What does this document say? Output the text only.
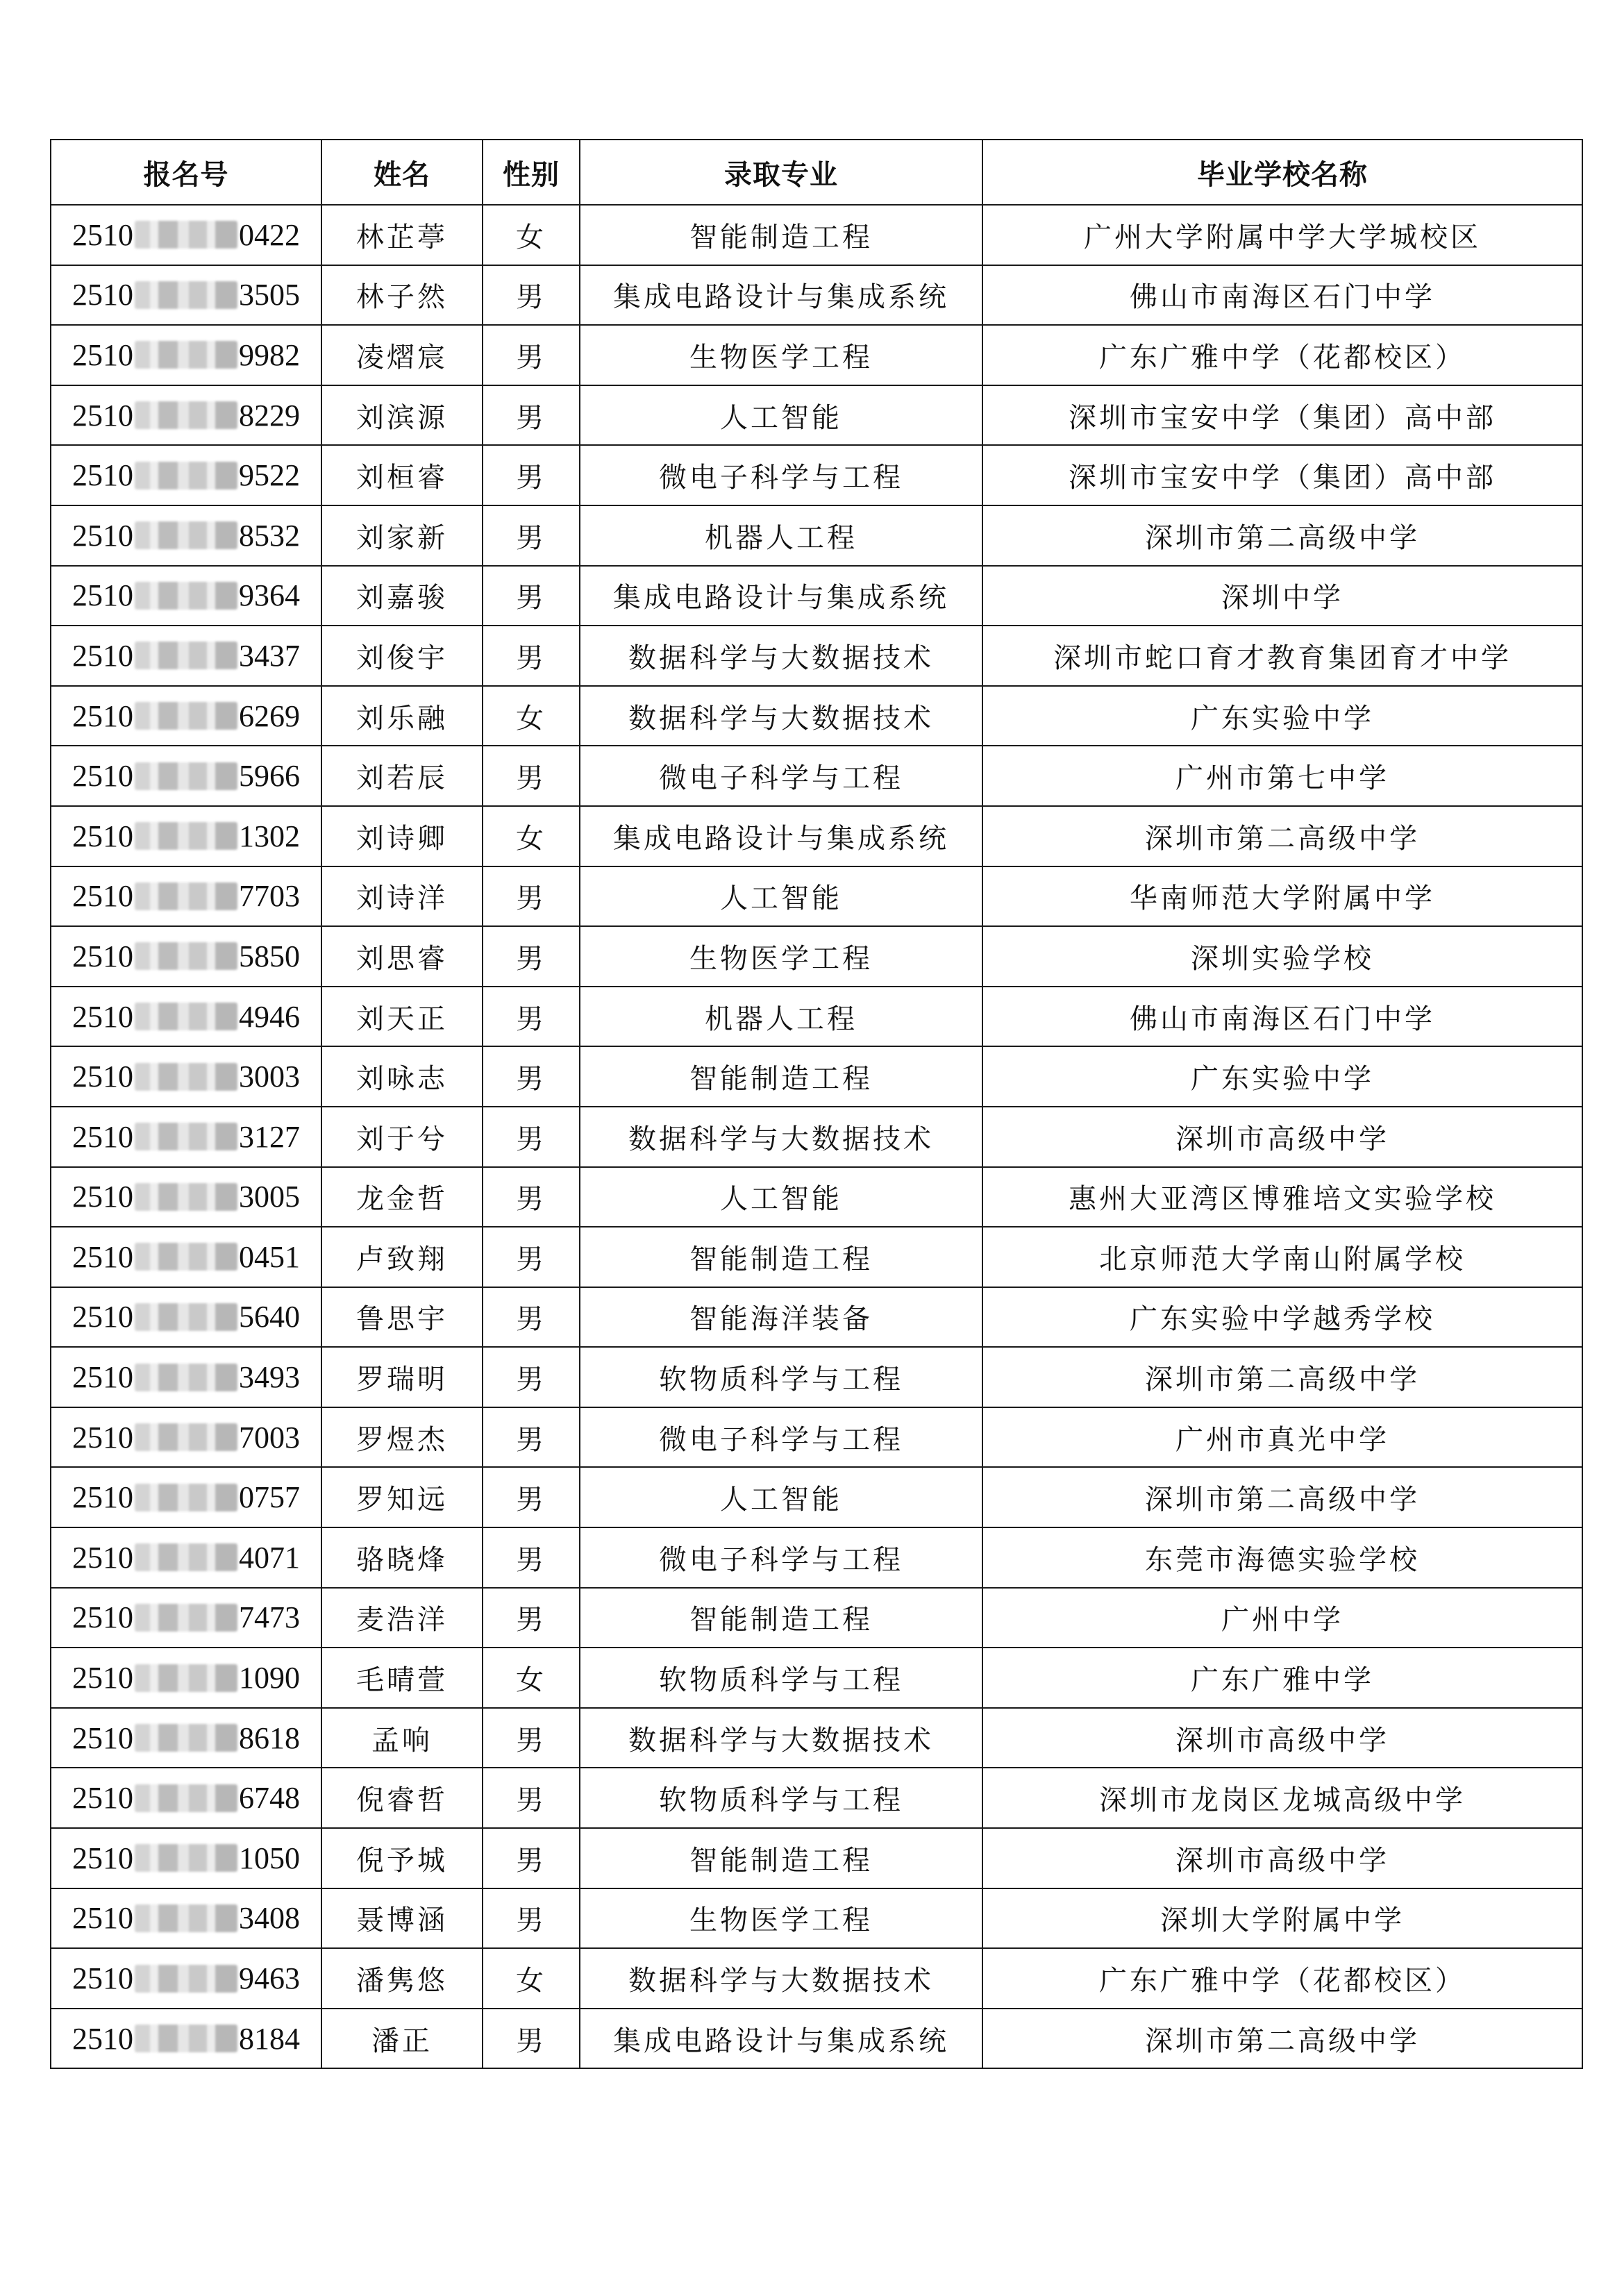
报名号	姓名	性别	录取专业	毕业学校名称

2510 0422	林芷葶	女	智能制造工程	广州大学附属中学大学城校区

2510 3505	林子然	男	集成电路设计与集成系统	佛山市南海区石门中学

2510 9982	凌熠宸	男	生物医学工程	广东广雅中学（花都校区）

2510 8229	刘滨源	男	人工智能	深圳市宝安中学（集团）高中部

2510 9522	刘桓睿	男	微电子科学与工程	深圳市宝安中学（集团）高中部

2510 8532	刘家新	男	机器人工程	深圳市第二高级中学

2510 9364	刘嘉骏	男	集成电路设计与集成系统	深圳中学

2510 3437	刘俊宇	男	数据科学与大数据技术	深圳市蛇口育才教育集团育才中学

2510 6269	刘乐融	女	数据科学与大数据技术	广东实验中学

2510 5966	刘若辰	男	微电子科学与工程	广州市第七中学

2510 1302	刘诗卿	女	集成电路设计与集成系统	深圳市第二高级中学

2510 7703	刘诗洋	男	人工智能	华南师范大学附属中学

2510 5850	刘思睿	男	生物医学工程	深圳实验学校

2510 4946	刘天正	男	机器人工程	佛山市南海区石门中学

2510 3003	刘咏志	男	智能制造工程	广东实验中学

2510 3127	刘于兮	男	数据科学与大数据技术	深圳市高级中学

2510 3005	龙金哲	男	人工智能	惠州大亚湾区博雅培文实验学校

2510 0451	卢致翔	男	智能制造工程	北京师范大学南山附属学校

2510 5640	鲁思宇	男	智能海洋装备	广东实验中学越秀学校

2510 3493	罗瑞明	男	软物质科学与工程	深圳市第二高级中学

2510 7003	罗煜杰	男	微电子科学与工程	广州市真光中学

2510 0757	罗知远	男	人工智能	深圳市第二高级中学

2510 4071	骆晓烽	男	微电子科学与工程	东莞市海德实验学校

2510 7473	麦浩洋	男	智能制造工程	广州中学

2510 1090	毛晴萱	女	软物质科学与工程	广东广雅中学

2510 8618	孟响	男	数据科学与大数据技术	深圳市高级中学

2510 6748	倪睿哲	男	软物质科学与工程	深圳市龙岗区龙城高级中学

2510 1050	倪予城	男	智能制造工程	深圳市高级中学

2510 3408	聂博涵	男	生物医学工程	深圳大学附属中学

2510 9463	潘隽悠	女	数据科学与大数据技术	广东广雅中学（花都校区）

2510 8184	潘正	男	集成电路设计与集成系统	深圳市第二高级中学
